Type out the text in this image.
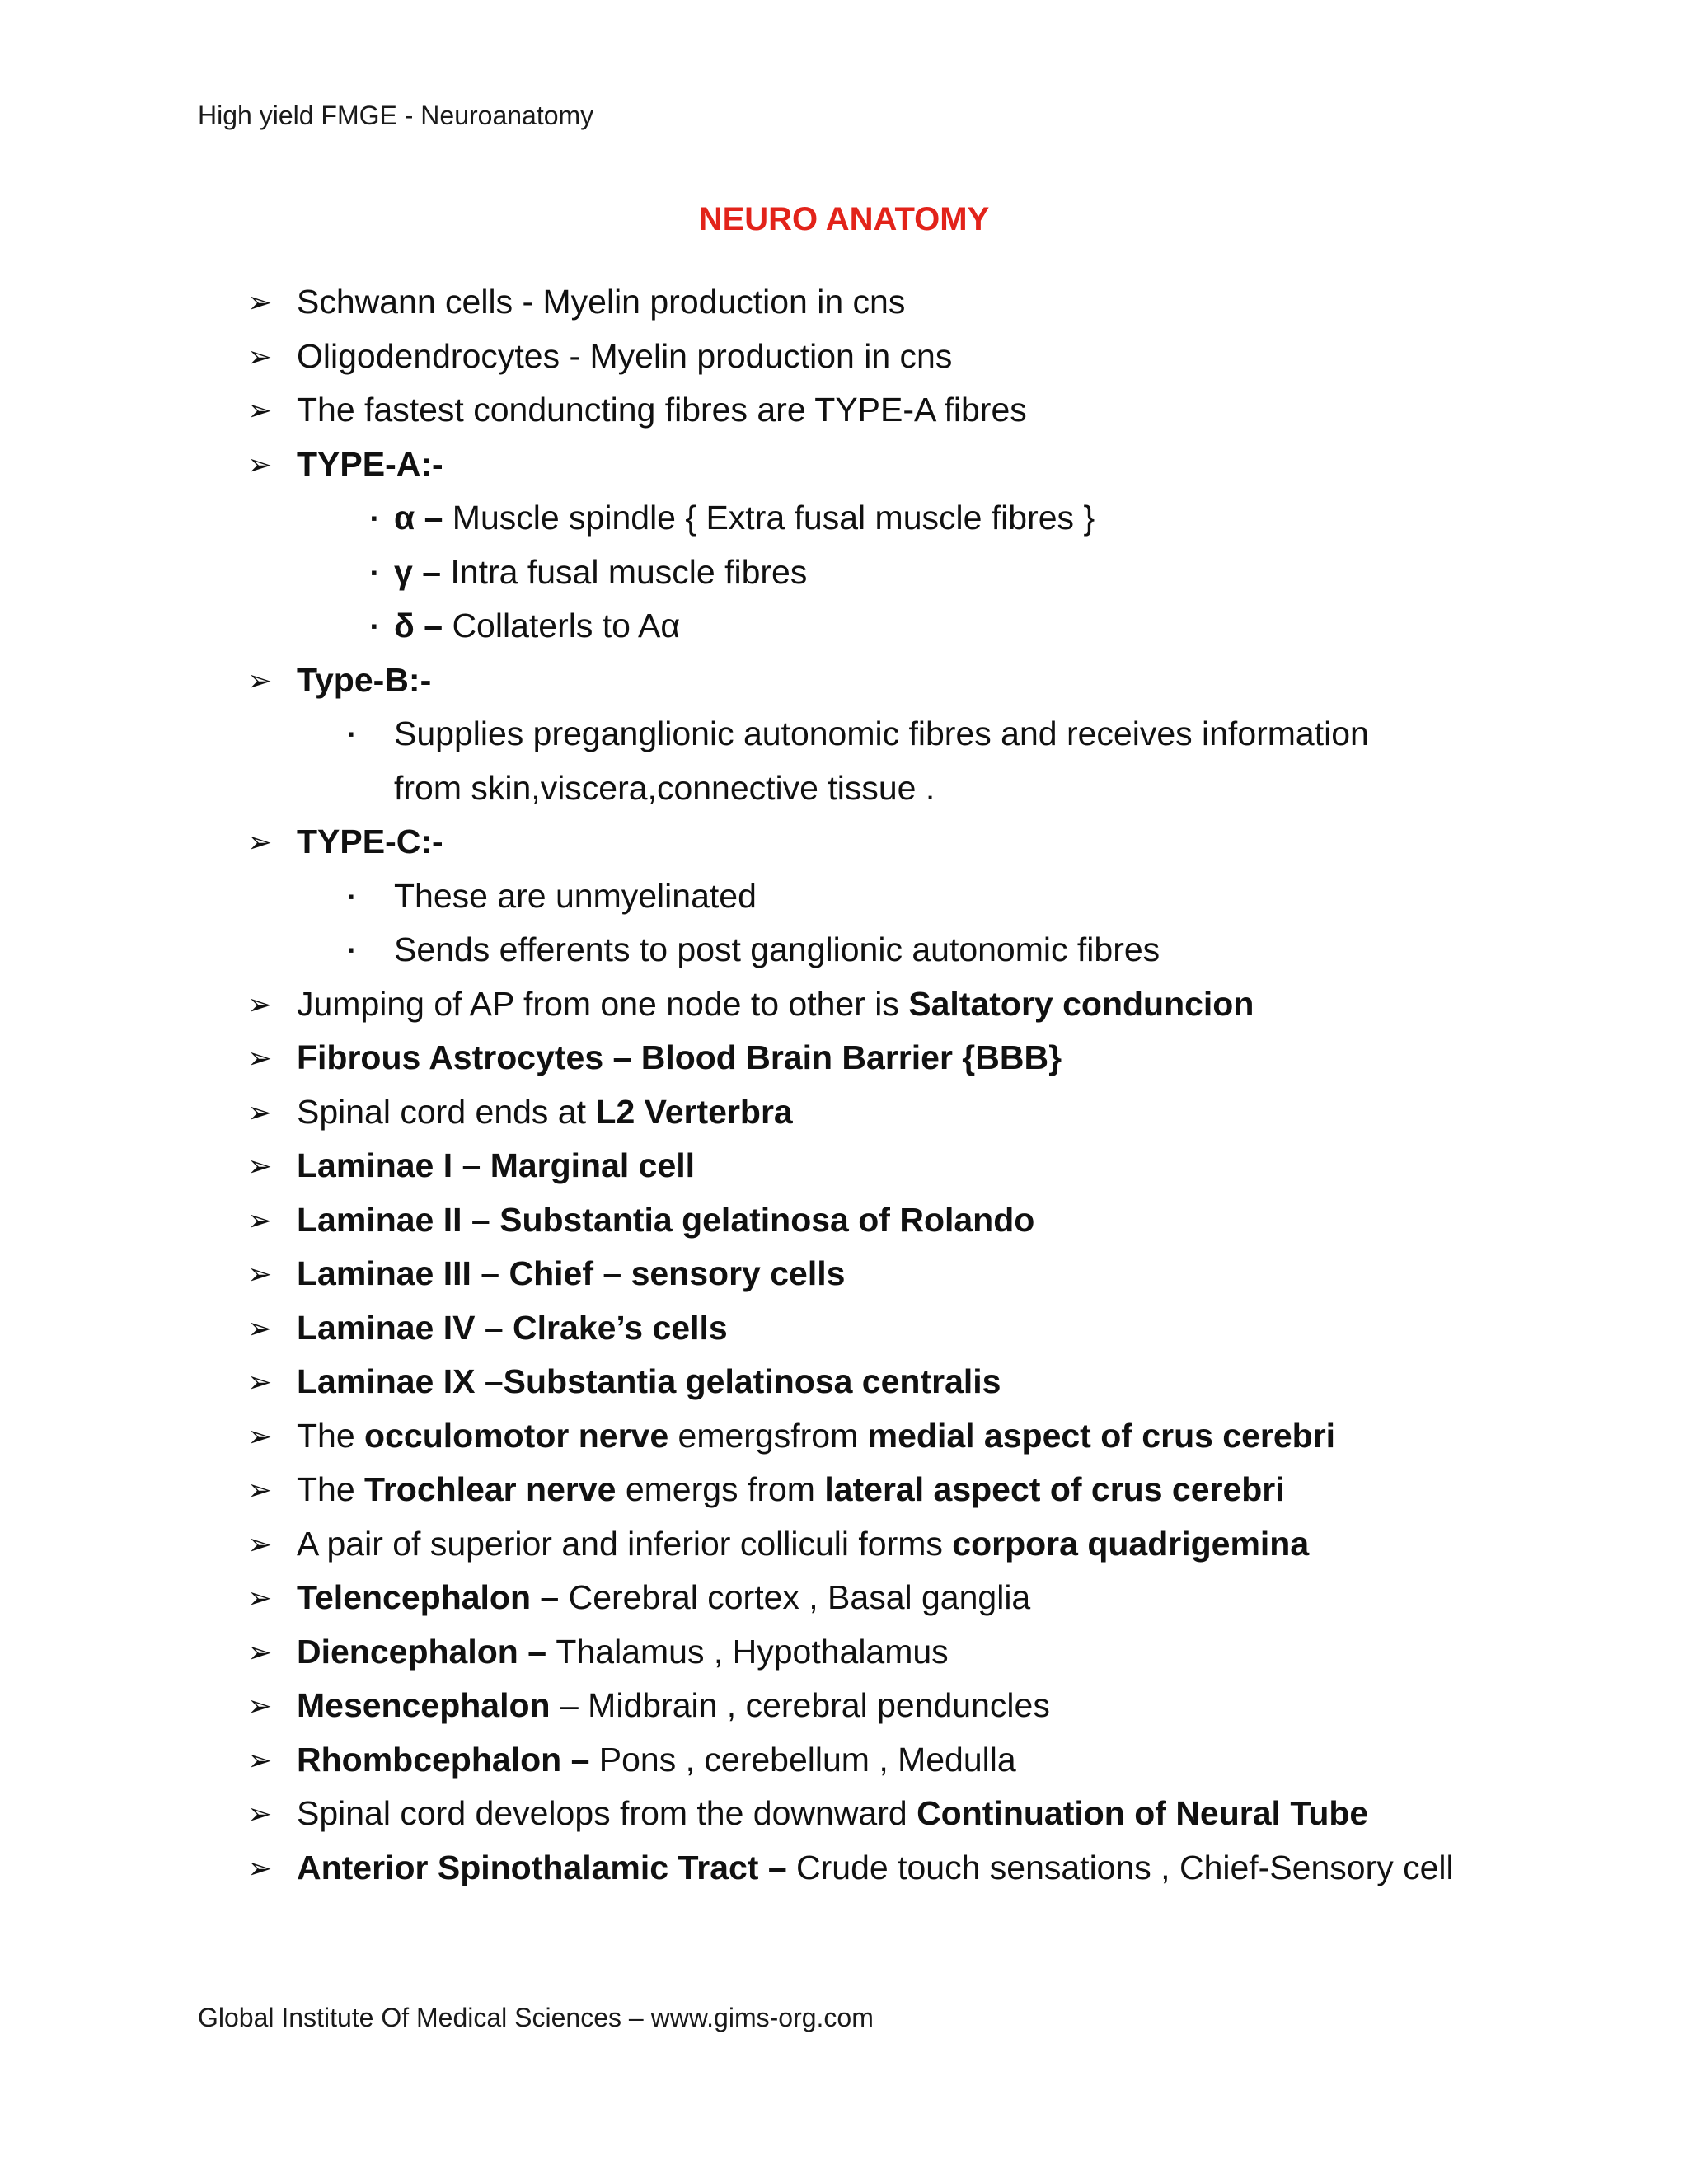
High yield FMGE - Neuroanatomy
NEURO ANATOMY
➢ Schwann cells - Myelin production in cns
➢ Oligodendrocytes - Myelin production in cns
➢ The fastest conduncting fibres are TYPE-A fibres
➢ TYPE-A:-
▪ α – Muscle spindle { Extra fusal muscle fibres }
▪ γ – Intra fusal muscle fibres
▪ δ – Collaterls to Aα
➢ Type-B:-
▪ Supplies preganglionic autonomic fibres and receives information
from skin,viscera,connective tissue .
➢ TYPE-C:-
▪ These are unmyelinated
▪ Sends efferents to post ganglionic autonomic fibres
➢ Jumping of AP from one node to other is Saltatory conduncion
➢ Fibrous Astrocytes – Blood Brain Barrier {BBB}
➢ Spinal cord ends at L2 Verterbra
➢ Laminae I – Marginal cell
➢ Laminae II – Substantia gelatinosa of Rolando
➢ Laminae III – Chief – sensory cells
➢ Laminae IV – Clrake’s cells
➢ Laminae IX –Substantia gelatinosa centralis
➢ The occulomotor nerve emergsfrom medial aspect of crus cerebri
➢ The Trochlear nerve emergs from lateral aspect of crus cerebri
➢ A pair of superior and inferior colliculi forms corpora quadrigemina
➢ Telencephalon – Cerebral cortex , Basal ganglia
➢ Diencephalon – Thalamus , Hypothalamus
➢ Mesencephalon – Midbrain , cerebral penduncles
➢ Rhombcephalon – Pons , cerebellum , Medulla
➢ Spinal cord develops from the downward Continuation of Neural Tube
➢ Anterior Spinothalamic Tract – Crude touch sensations , Chief-Sensory cell
Global Institute Of Medical Sciences – www.gims-org.com
